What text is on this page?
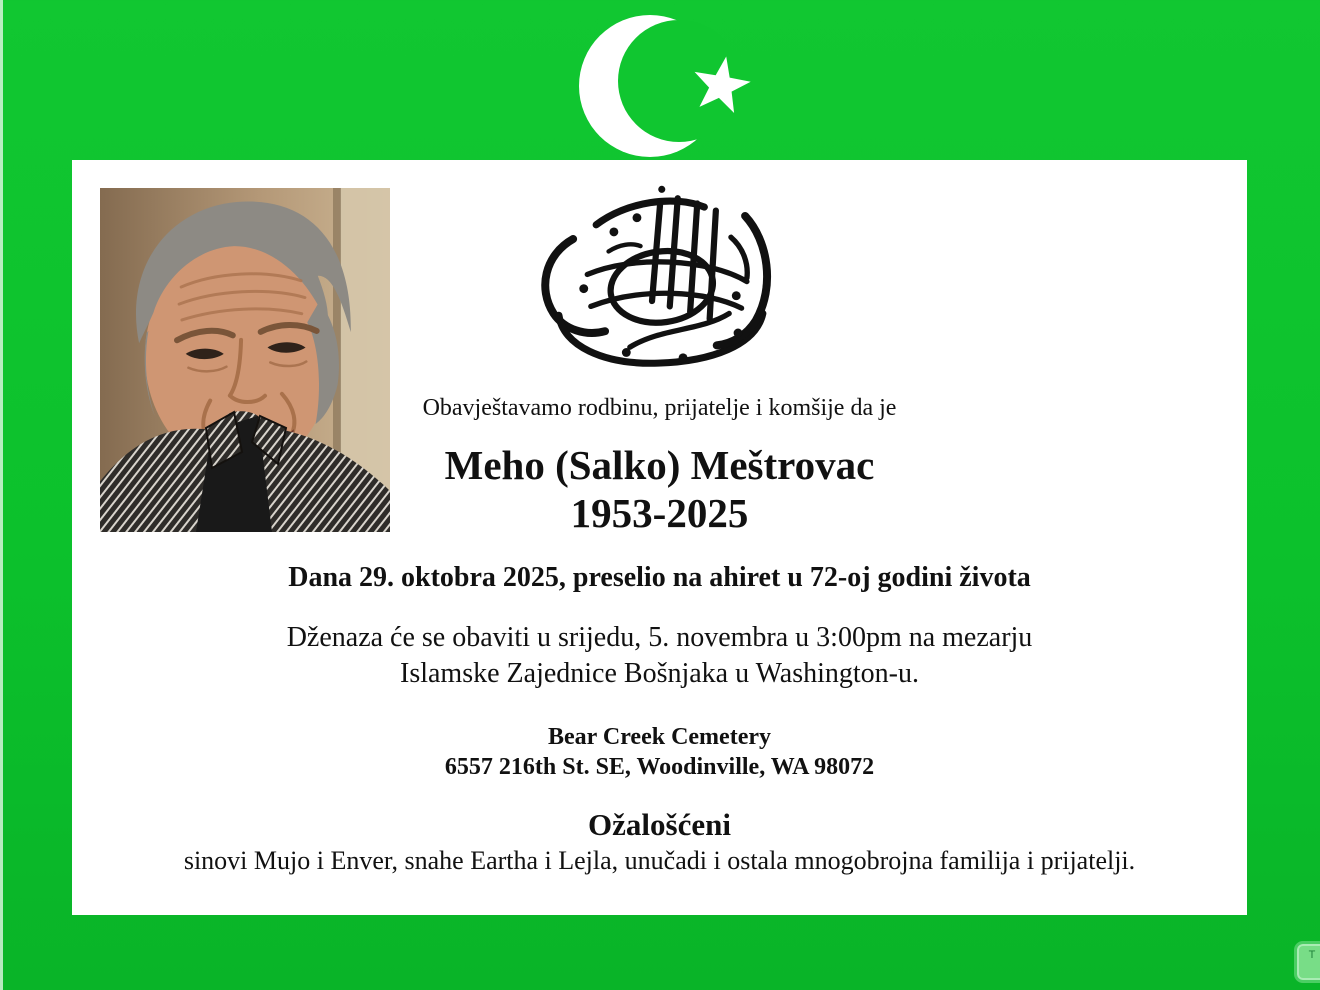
Obavještavamo rodbinu, prijatelje i komšije da je
Meho (Salko) Meštrovac
1953-2025
Dana 29. oktobra 2025, preselio na ahiret u 72-oj godini života
Dženaza će se obaviti u srijedu, 5. novembra u 3:00pm na mezarju
Islamske Zajednice Bošnjaka u Washington-u.
Bear Creek Cemetery
6557 216th St. SE, Woodinville, WA 98072
Ožalošćeni
sinovi Mujo i Enver, snahe Eartha i Lejla, unučadi i ostala mnogobrojna familija i prijatelji.
T
